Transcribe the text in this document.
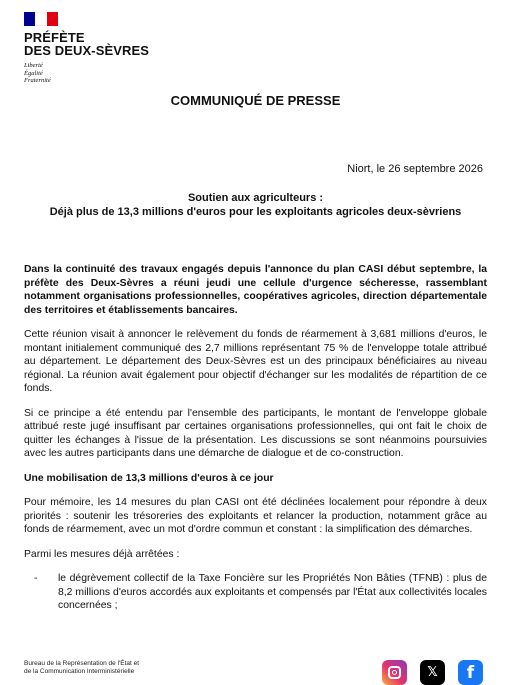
PRÉFÈTE
DES DEUX-SÈVRES
Liberté
Égalité
Fraternité
COMMUNIQUÉ DE PRESSE
Niort, le 26 septembre 2026
Soutien aux agriculteurs :
Déjà plus de 13,3 millions d'euros pour les exploitants agricoles deux-sèvriens

Dans la continuité des travaux engagés depuis l'annonce du plan CASI début septembre, la préfète des Deux-Sèvres a réuni jeudi une cellule d'urgence sécheresse, rassemblant notamment organisations professionnelles, coopératives agricoles, direction départementale des territoires et établissements bancaires.

Cette réunion visait à annoncer le relèvement du fonds de réarmement à 3,681 millions d'euros, le montant initialement communiqué des 2,7 millions représentant 75 % de l'enveloppe totale attribué au département. Le département des Deux-Sèvres est un des principaux bénéficiaires au niveau régional. La réunion avait également pour objectif d'échanger sur les modalités de répartition de ce fonds.

Si ce principe a été entendu par l'ensemble des participants, le montant de l'enveloppe globale attribué reste jugé insuffisant par certaines organisations professionnelles, qui ont fait le choix de quitter les échanges à l'issue de la présentation. Les discussions se sont néanmoins poursuivies avec les autres participants dans une démarche de dialogue et de co-construction.

Une mobilisation de 13,3 millions d'euros à ce jour

Pour mémoire, les 14 mesures du plan CASI ont été déclinées localement pour répondre à deux priorités : soutenir les trésoreries des exploitants et relancer la production, notamment grâce au fonds de réarmement, avec un mot d'ordre commun et constant : la simplification des démarches.

Parmi les mesures déjà arrêtées :

-	le dégrèvement collectif de la Taxe Foncière sur les Propriétés Non Bâties (TFNB) : plus de 8,2 millions d'euros accordés aux exploitants et compensés par l'État aux collectivités locales concernées ;
Bureau de la Représentation de l'État et
de la Communication Interministérielle	𝕏	f
